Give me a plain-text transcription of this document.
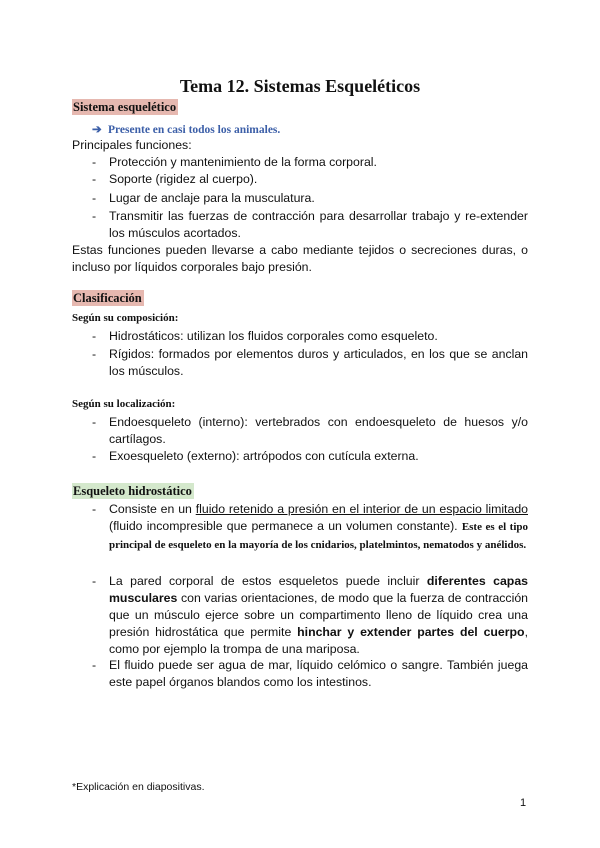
Tema 12. Sistemas Esqueléticos
Sistema esquelético
➔ Presente en casi todos los animales.
Principales funciones:
-	Protección y mantenimiento de la forma corporal.
-	Soporte (rigidez al cuerpo).
-	Lugar de anclaje para la musculatura.
-	Transmitir las fuerzas de contracción para desarrollar trabajo y re-extender los músculos acortados.
Estas funciones pueden llevarse a cabo mediante tejidos o secreciones duras, o incluso por líquidos corporales bajo presión.
Clasificación
Según su composición:
-	Hidrostáticos: utilizan los fluidos corporales como esqueleto.
-	Rígidos: formados por elementos duros y articulados, en los que se anclan los músculos.
Según su localización:
-	Endoesqueleto (interno): vertebrados con endoesqueleto de huesos y/o cartílagos.
-	Exoesqueleto (externo): artrópodos con cutícula externa.
Esqueleto hidrostático
-	Consiste en un fluido retenido a presión en el interior de un espacio limitado (fluido incompresible que permanece a un volumen constante). Este es el tipo principal de esqueleto en la mayoría de los cnidarios, platelmintos, nematodos y anélidos.
-	La pared corporal de estos esqueletos puede incluir diferentes capas musculares con varias orientaciones, de modo que la fuerza de contracción que un músculo ejerce sobre un compartimento lleno de líquido crea una presión hidrostática que permite hinchar y extender partes del cuerpo, como por ejemplo la trompa de una mariposa.
-	El fluido puede ser agua de mar, líquido celómico o sangre. También juega este papel órganos blandos como los intestinos.
*Explicación en diapositivas.
1
